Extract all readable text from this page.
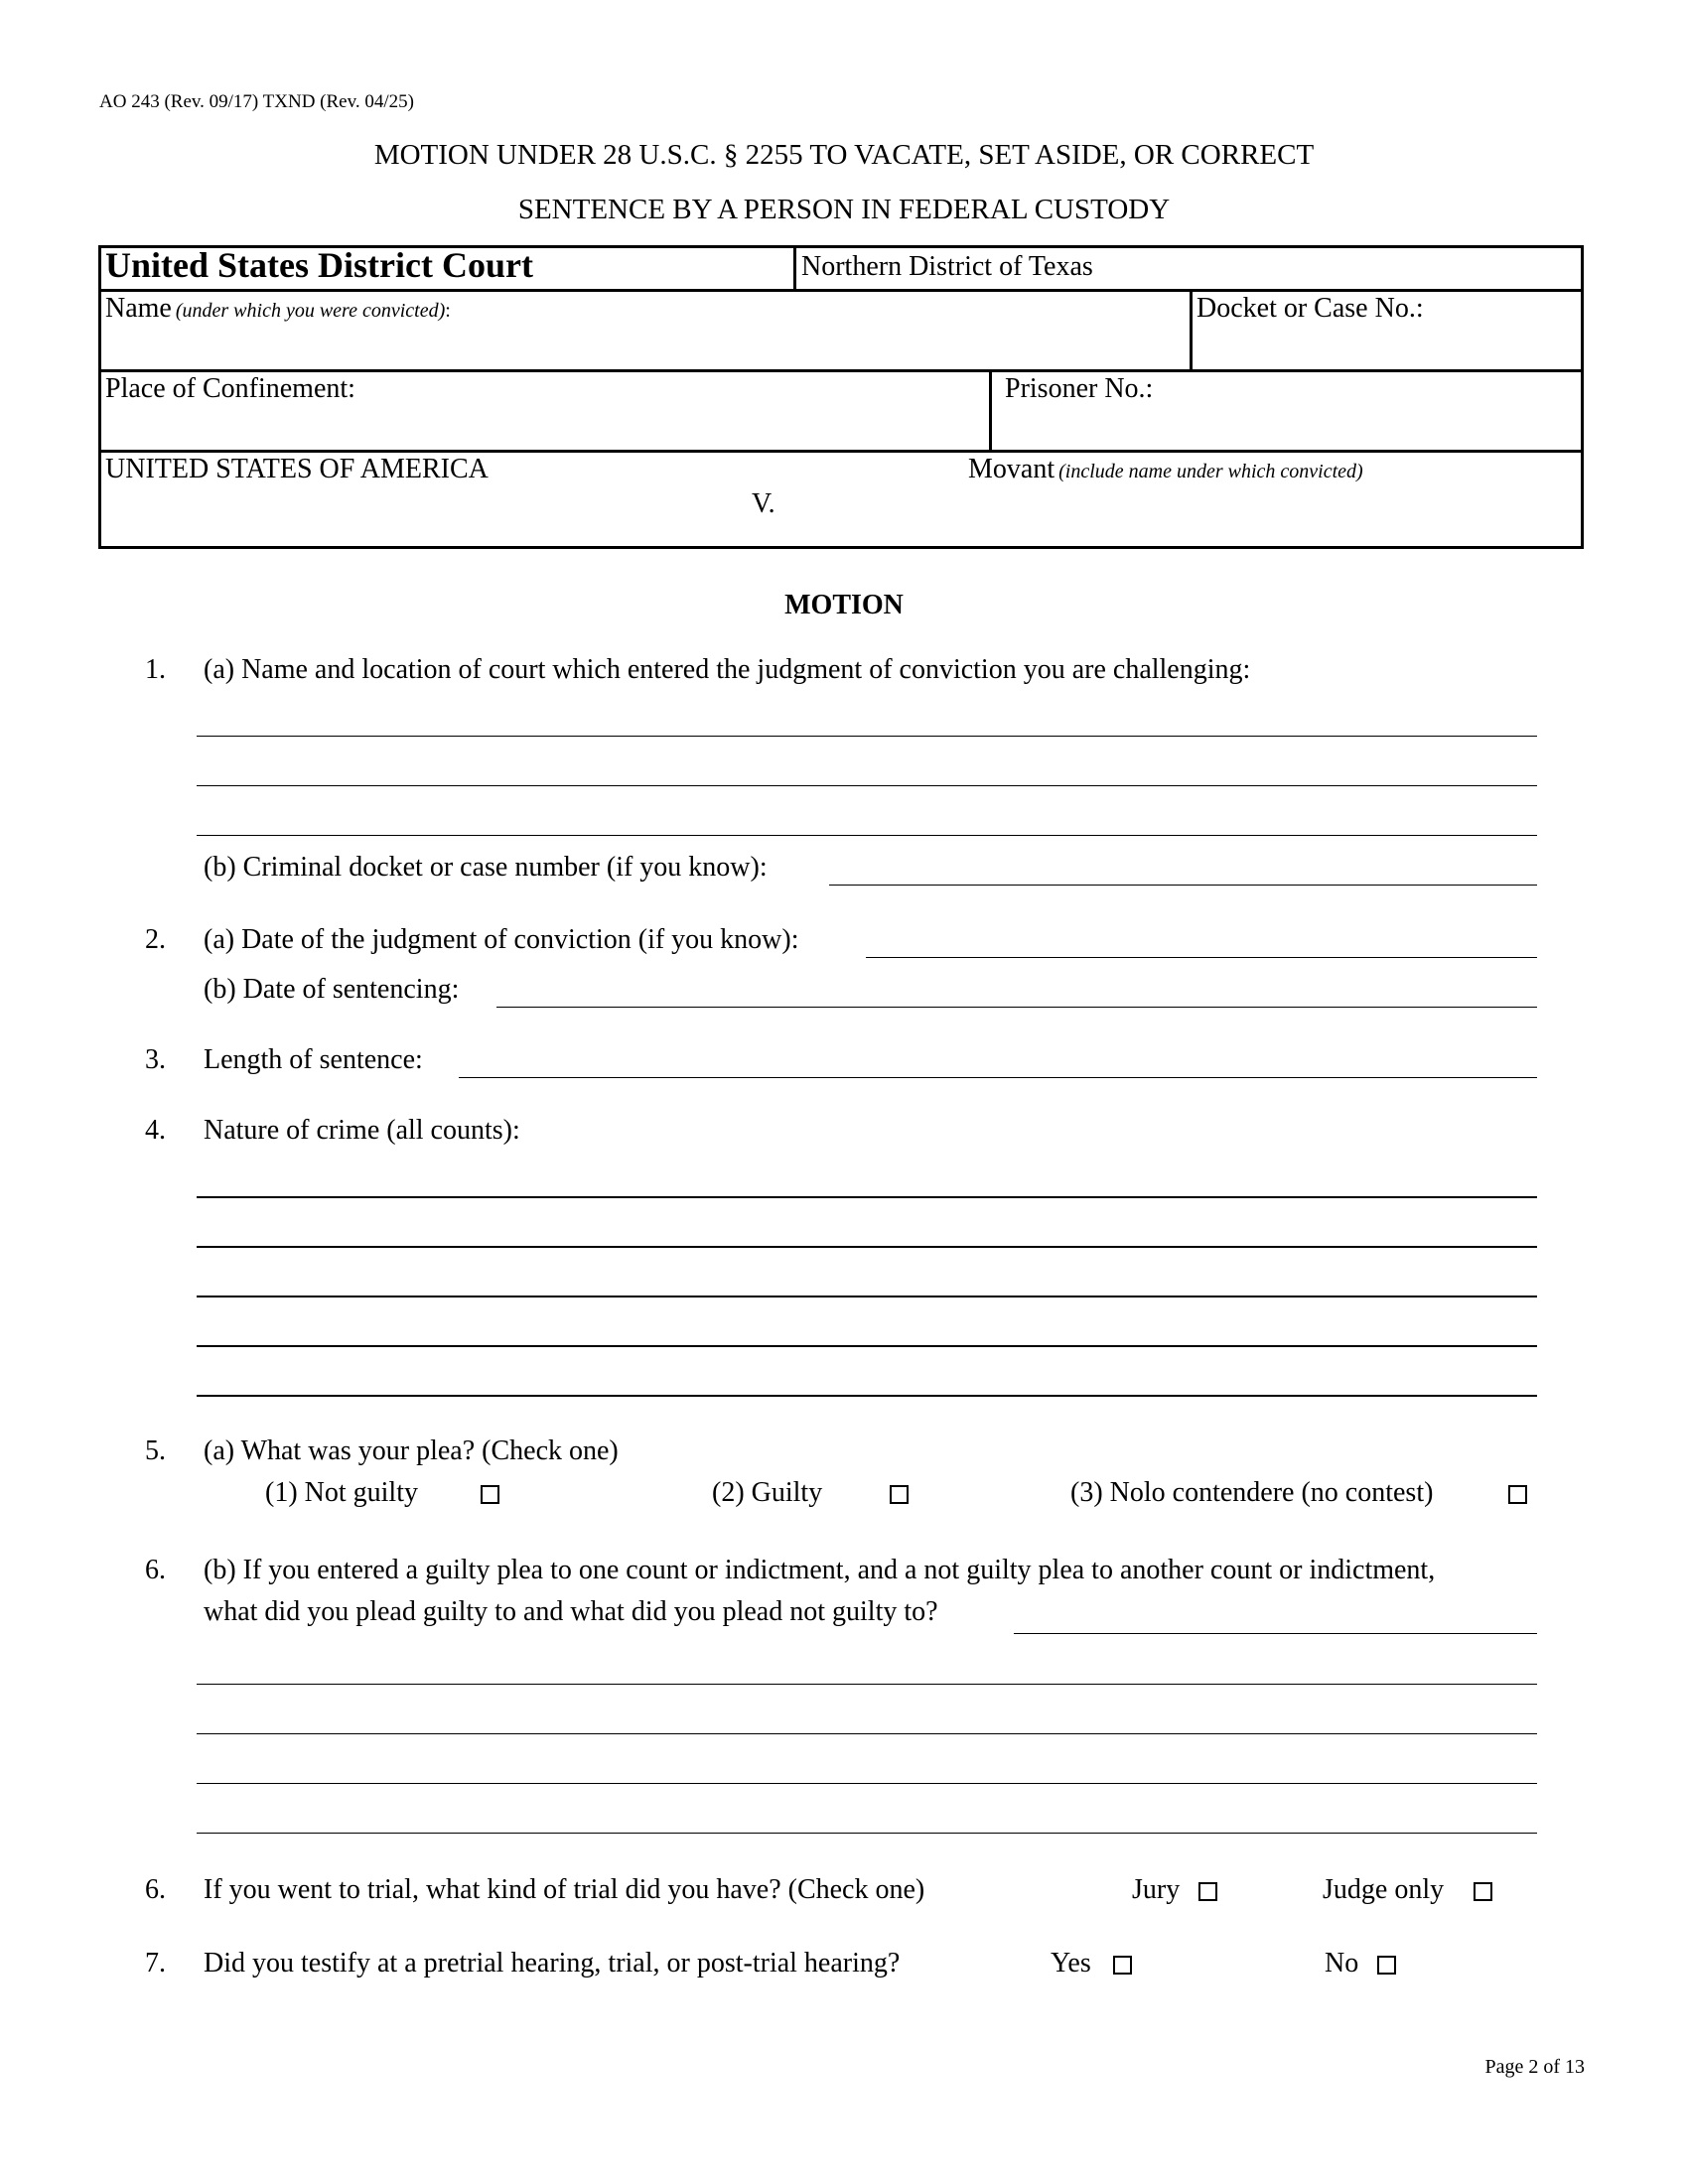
AO 243 (Rev. 09/17) TXND (Rev. 04/25)
MOTION UNDER 28 U.S.C. § 2255 TO VACATE, SET ASIDE, OR CORRECT
SENTENCE BY A PERSON IN FEDERAL CUSTODY
United States District Court	Northern District of Texas
Name (under which you were convicted):	Docket or Case No.:
Place of Confinement:	Prisoner No.:
UNITED STATES OF AMERICA
V.
Movant (include name under which convicted)
MOTION
1. (a) Name and location of court which entered the judgment of conviction you are challenging:
(b) Criminal docket or case number (if you know):
2. (a) Date of the judgment of conviction (if you know):
(b) Date of sentencing:
3. Length of sentence:
4. Nature of crime (all counts):
5. (a) What was your plea? (Check one)
(1) Not guilty	(2) Guilty	(3) Nolo contendere (no contest)
6. (b) If you entered a guilty plea to one count or indictment, and a not guilty plea to another count or indictment,
what did you plead guilty to and what did you plead not guilty to?
6. If you went to trial, what kind of trial did you have? (Check one)	Jury	Judge only
7. Did you testify at a pretrial hearing, trial, or post-trial hearing?	Yes	No
Page 2 of 13
